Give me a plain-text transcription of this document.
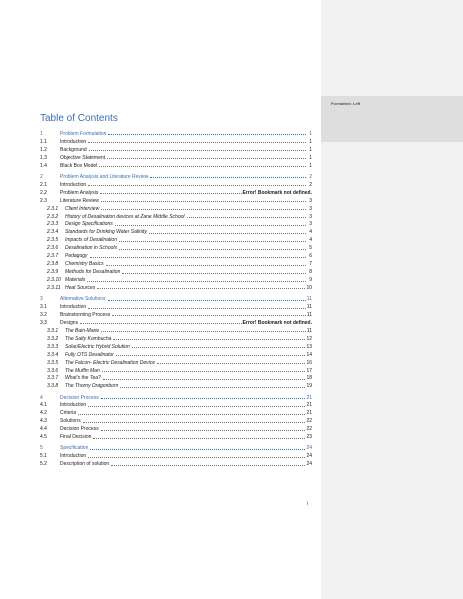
Formatted: Left
Table of Contents
1	Problem Formulation	1
1.1	Introduction	1
1.2	Background	1
1.3	Objective Statement	1
1.4	Black Box Model	1
2	Problem Analysis and Literature Review	2
2.1	Introduction	2
2.2	Problem Analysis	Error! Bookmark not defined.
2.3	Literature Review	3
2.3.1	Client Interview	3
2.3.2	History of Desalination devices at Zane Middle School	3
2.3.3	Design Specifications	3
2.3.4	Standards for Drinking Water Salinity	4
2.3.5	Impacts of Desalination	4
2.3.6	Desalination in Schools	5
2.3.7	Pedagogy	6
2.3.8	Chemistry Basics	7
2.3.9	Methods for Desalination	8
2.3.10 Materials	9
2.3.11 Heat Sources	10
3	Alternative Solutions	11
3.1	Introduction	11
3.2	Brainstorming Process	11
3.3	Designs	Error! Bookmark not defined.
3.3.1	The Bain-Marie	11
3.3.2	The Salty Kombucha	12
3.3.3	Solar/Electric Hybrid Solution	13
3.3.4	Fully OTS Desalinator	14
3.3.5	The Falcon- Electric Desalination Device	16
3.3.6	The Muffin Man	17
3.3.7	What's the Tea?	18
3.3.8	The Thorny Dragonborn	19
4	Decision Process	21
4.1	Introduction	21
4.2	Criteria	21
4.3	Solutions	22
4.4	Decision Process	22
4.5	Final Decision	23
5	Specification	24
5.1	Introduction	24
5.2	Description of solution	24
i
